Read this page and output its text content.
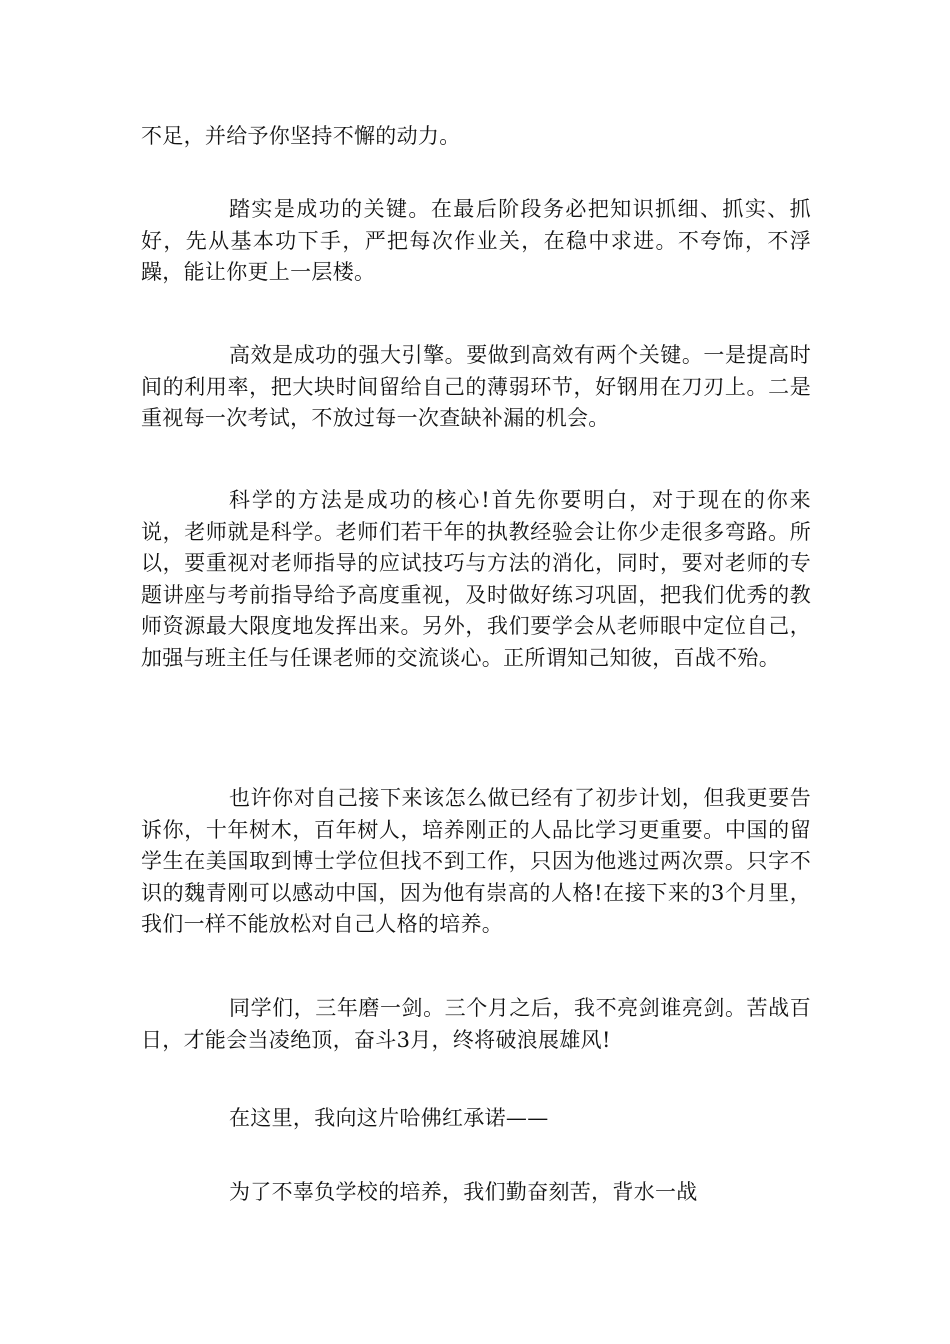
不足，并给予你坚持不懈的动力。

踏实是成功的关键。在最后阶段务必把知识抓细、抓实、抓好，先从基本功下手，严把每次作业关，在稳中求进。不夸饰，不浮躁，能让你更上一层楼。

高效是成功的强大引擎。要做到高效有两个关键。一是提高时间的利用率，把大块时间留给自己的薄弱环节，好钢用在刀刃上。二是重视每一次考试，不放过每一次查缺补漏的机会。

科学的方法是成功的核心!首先你要明白，对于现在的你来说，老师就是科学。老师们若干年的执教经验会让你少走很多弯路。所以，要重视对老师指导的应试技巧与方法的消化，同时，要对老师的专题讲座与考前指导给予高度重视，及时做好练习巩固，把我们优秀的教师资源最大限度地发挥出来。另外，我们要学会从老师眼中定位自己，加强与班主任与任课老师的交流谈心。正所谓知己知彼，百战不殆。

也许你对自己接下来该怎么做已经有了初步计划，但我更要告诉你，十年树木，百年树人，培养刚正的人品比学习更重要。中国的留学生在美国取到博士学位但找不到工作，只因为他逃过两次票。只字不识的魏青刚可以感动中国，因为他有崇高的人格!在接下来的3个月里，我们一样不能放松对自己人格的培养。

同学们，三年磨一剑。三个月之后，我不亮剑谁亮剑。苦战百日，才能会当凌绝顶，奋斗3月，终将破浪展雄风!

在这里，我向这片哈佛红承诺——

为了不辜负学校的培养，我们勤奋刻苦，背水一战
